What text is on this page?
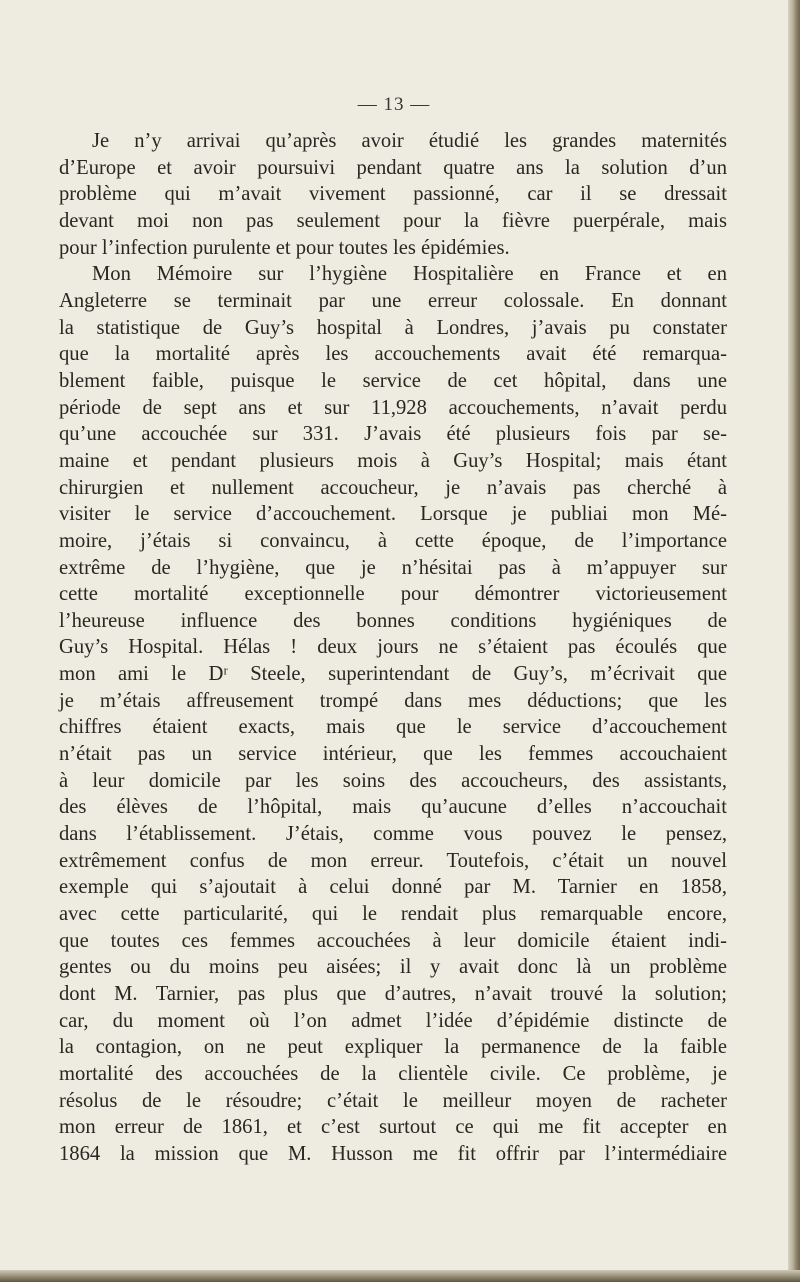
— 13 —

Je n’y arrivai qu’après avoir étudié les grandes maternités
d’Europe et avoir poursuivi pendant quatre ans la solution d’un
problème qui m’avait vivement passionné, car il se dressait
devant moi non pas seulement pour la fièvre puerpérale, mais
pour l’infection purulente et pour toutes les épidémies.

Mon Mémoire sur l’hygiène Hospitalière en France et en
Angleterre se terminait par une erreur colossale. En donnant
la statistique de Guy’s hospital à Londres, j’avais pu constater
que la mortalité après les accouchements avait été remarqua-
blement faible, puisque le service de cet hôpital, dans une
période de sept ans et sur 11,928 accouchements, n’avait perdu
qu’une accouchée sur 331. J’avais été plusieurs fois par se-
maine et pendant plusieurs mois à Guy’s Hospital; mais étant
chirurgien et nullement accoucheur, je n’avais pas cherché à
visiter le service d’accouchement. Lorsque je publiai mon Mé-
moire, j’étais si convaincu, à cette époque, de l’importance
extrême de l’hygiène, que je n’hésitai pas à m’appuyer sur
cette mortalité exceptionnelle pour démontrer victorieusement
l’heureuse influence des bonnes conditions hygiéniques de
Guy’s Hospital. Hélas ! deux jours ne s’étaient pas écoulés que
mon ami le Dʳ Steele, superintendant de Guy’s, m’écrivait que
je m’étais affreusement trompé dans mes déductions; que les
chiffres étaient exacts, mais que le service d’accouchement
n’était pas un service intérieur, que les femmes accouchaient
à leur domicile par les soins des accoucheurs, des assistants,
des élèves de l’hôpital, mais qu’aucune d’elles n’accouchait
dans l’établissement. J’étais, comme vous pouvez le pensez,
extrêmement confus de mon erreur. Toutefois, c’était un nouvel
exemple qui s’ajoutait à celui donné par M. Tarnier en 1858,
avec cette particularité, qui le rendait plus remarquable encore,
que toutes ces femmes accouchées à leur domicile étaient indi-
gentes ou du moins peu aisées; il y avait donc là un problème
dont M. Tarnier, pas plus que d’autres, n’avait trouvé la solution;
car, du moment où l’on admet l’idée d’épidémie distincte de
la contagion, on ne peut expliquer la permanence de la faible
mortalité des accouchées de la clientèle civile. Ce problème, je
résolus de le résoudre; c’était le meilleur moyen de racheter
mon erreur de 1861, et c’est surtout ce qui me fit accepter en
1864 la mission que M. Husson me fit offrir par l’intermédiaire
